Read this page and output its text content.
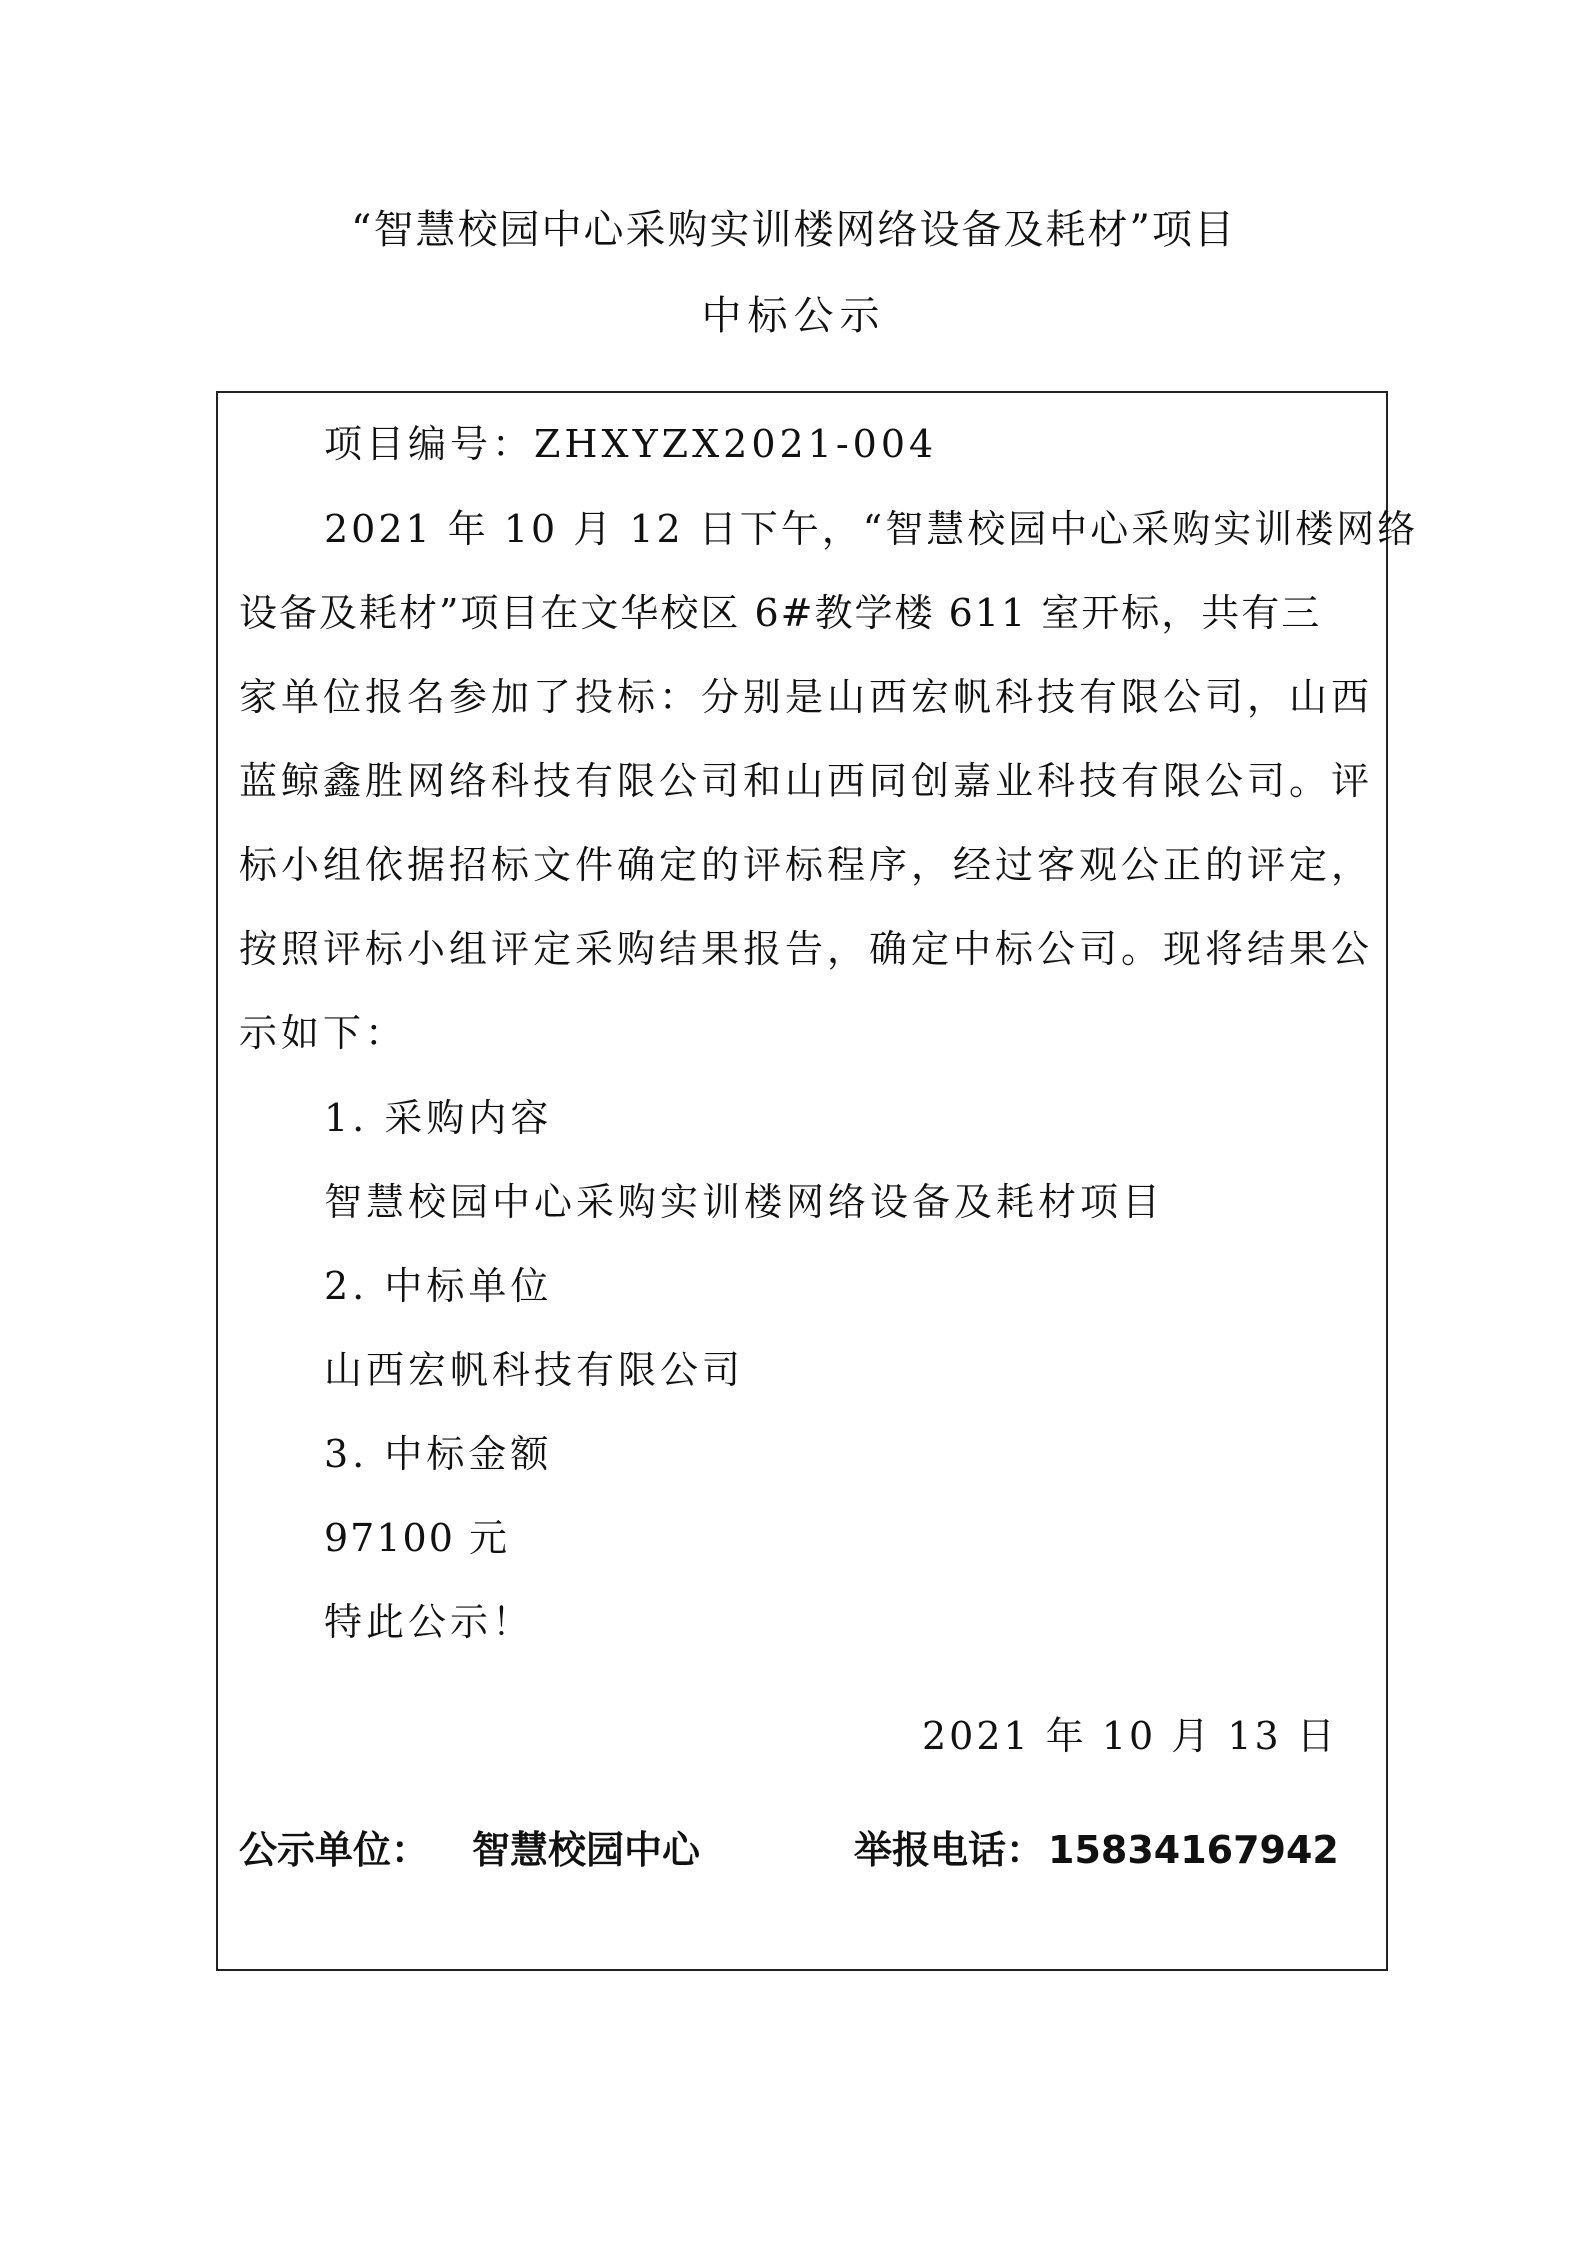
“智慧校园中心采购实训楼网络设备及耗材”项目
中标公示
项目编号：ZHXYZX2021-004
2021 年 10 月 12 日下午，“智慧校园中心采购实训楼网络
设备及耗材”项目在文华校区 6#教学楼 611 室开标，共有三
家单位报名参加了投标：分别是山西宏帆科技有限公司，山西
蓝鲸鑫胜网络科技有限公司和山西同创嘉业科技有限公司。评
标小组依据招标文件确定的评标程序，经过客观公正的评定，
按照评标小组评定采购结果报告，确定中标公司。现将结果公
示如下：
1. 采购内容
智慧校园中心采购实训楼网络设备及耗材项目
2. 中标单位
山西宏帆科技有限公司
3. 中标金额
97100 元
特此公示！
2021 年 10 月 13 日
公示单位： 智慧校园中心	举报电话： 15834167942
